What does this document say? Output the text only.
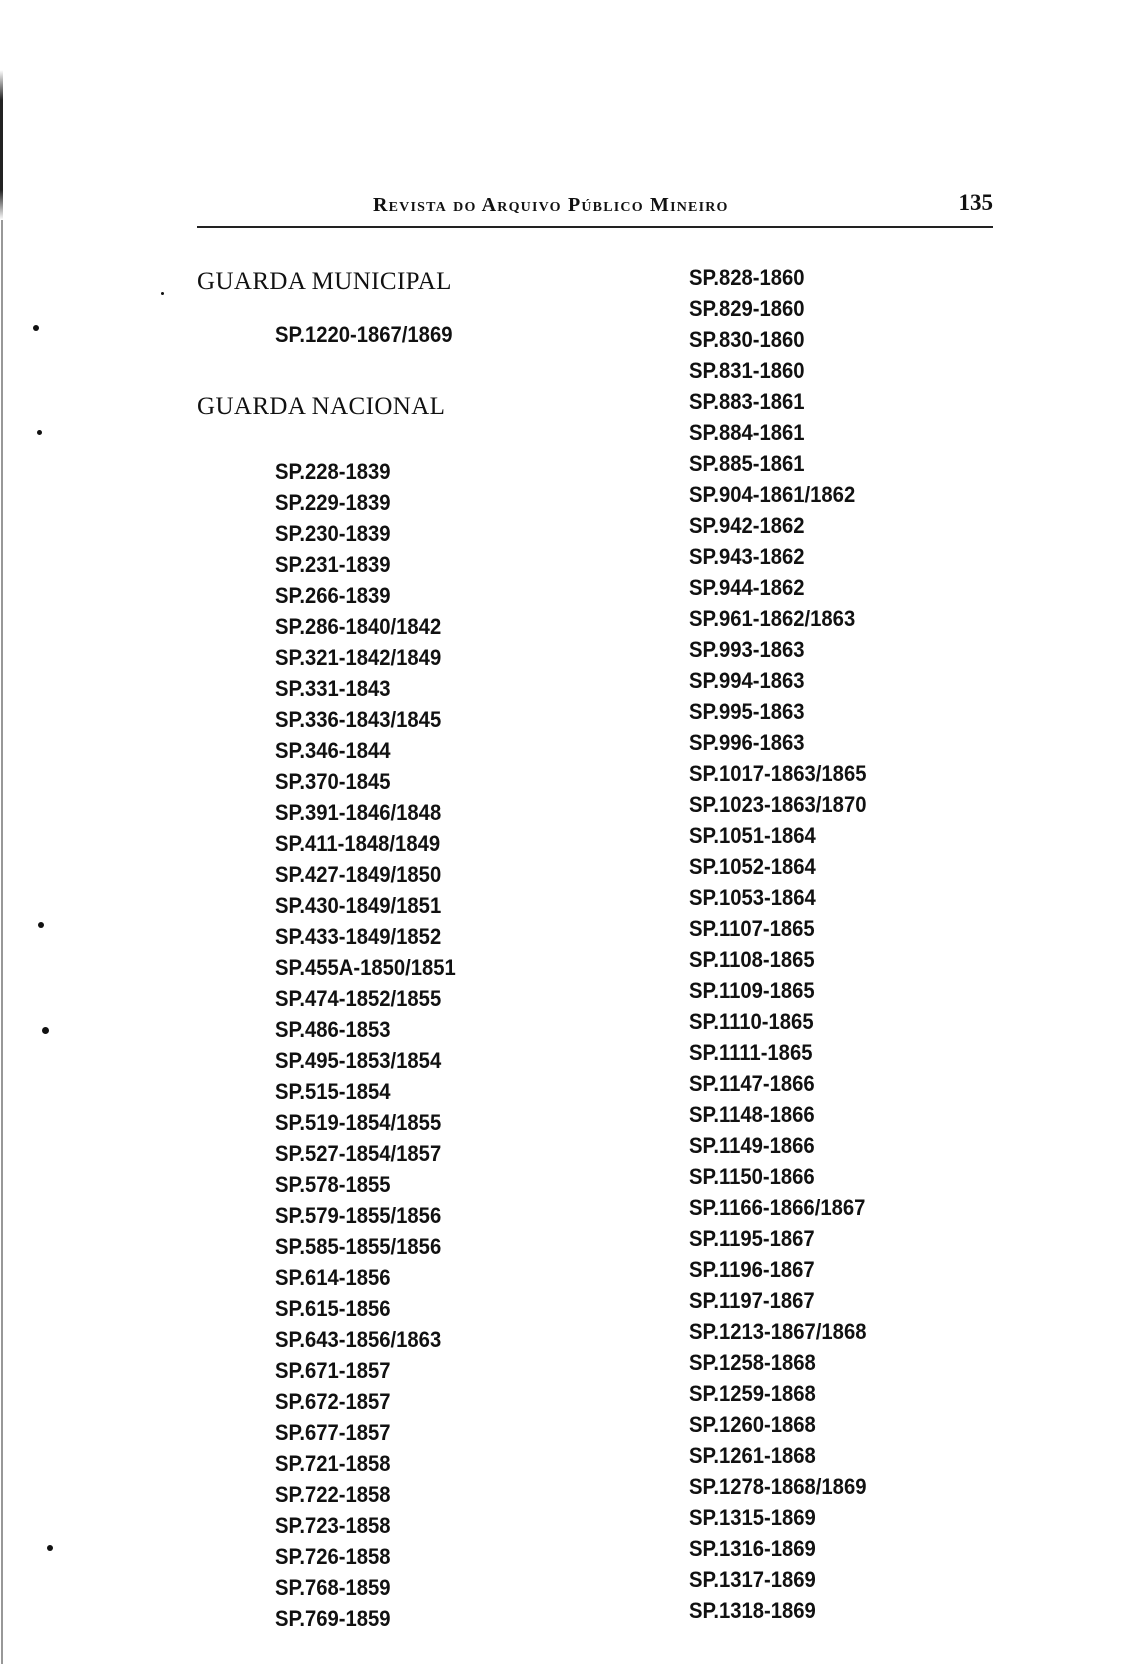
Revista do Arquivo Público Mineiro	135
GUARDA MUNICIPAL
SP.1220-1867/1869
GUARDA NACIONAL
SP.228-1839
SP.229-1839
SP.230-1839
SP.231-1839
SP.266-1839
SP.286-1840/1842
SP.321-1842/1849
SP.331-1843
SP.336-1843/1845
SP.346-1844
SP.370-1845
SP.391-1846/1848
SP.411-1848/1849
SP.427-1849/1850
SP.430-1849/1851
SP.433-1849/1852
SP.455A-1850/1851
SP.474-1852/1855
SP.486-1853
SP.495-1853/1854
SP.515-1854
SP.519-1854/1855
SP.527-1854/1857
SP.578-1855
SP.579-1855/1856
SP.585-1855/1856
SP.614-1856
SP.615-1856
SP.643-1856/1863
SP.671-1857
SP.672-1857
SP.677-1857
SP.721-1858
SP.722-1858
SP.723-1858
SP.726-1858
SP.768-1859
SP.769-1859
SP.828-1860
SP.829-1860
SP.830-1860
SP.831-1860
SP.883-1861
SP.884-1861
SP.885-1861
SP.904-1861/1862
SP.942-1862
SP.943-1862
SP.944-1862
SP.961-1862/1863
SP.993-1863
SP.994-1863
SP.995-1863
SP.996-1863
SP.1017-1863/1865
SP.1023-1863/1870
SP.1051-1864
SP.1052-1864
SP.1053-1864
SP.1107-1865
SP.1108-1865
SP.1109-1865
SP.1110-1865
SP.1111-1865
SP.1147-1866
SP.1148-1866
SP.1149-1866
SP.1150-1866
SP.1166-1866/1867
SP.1195-1867
SP.1196-1867
SP.1197-1867
SP.1213-1867/1868
SP.1258-1868
SP.1259-1868
SP.1260-1868
SP.1261-1868
SP.1278-1868/1869
SP.1315-1869
SP.1316-1869
SP.1317-1869
SP.1318-1869
